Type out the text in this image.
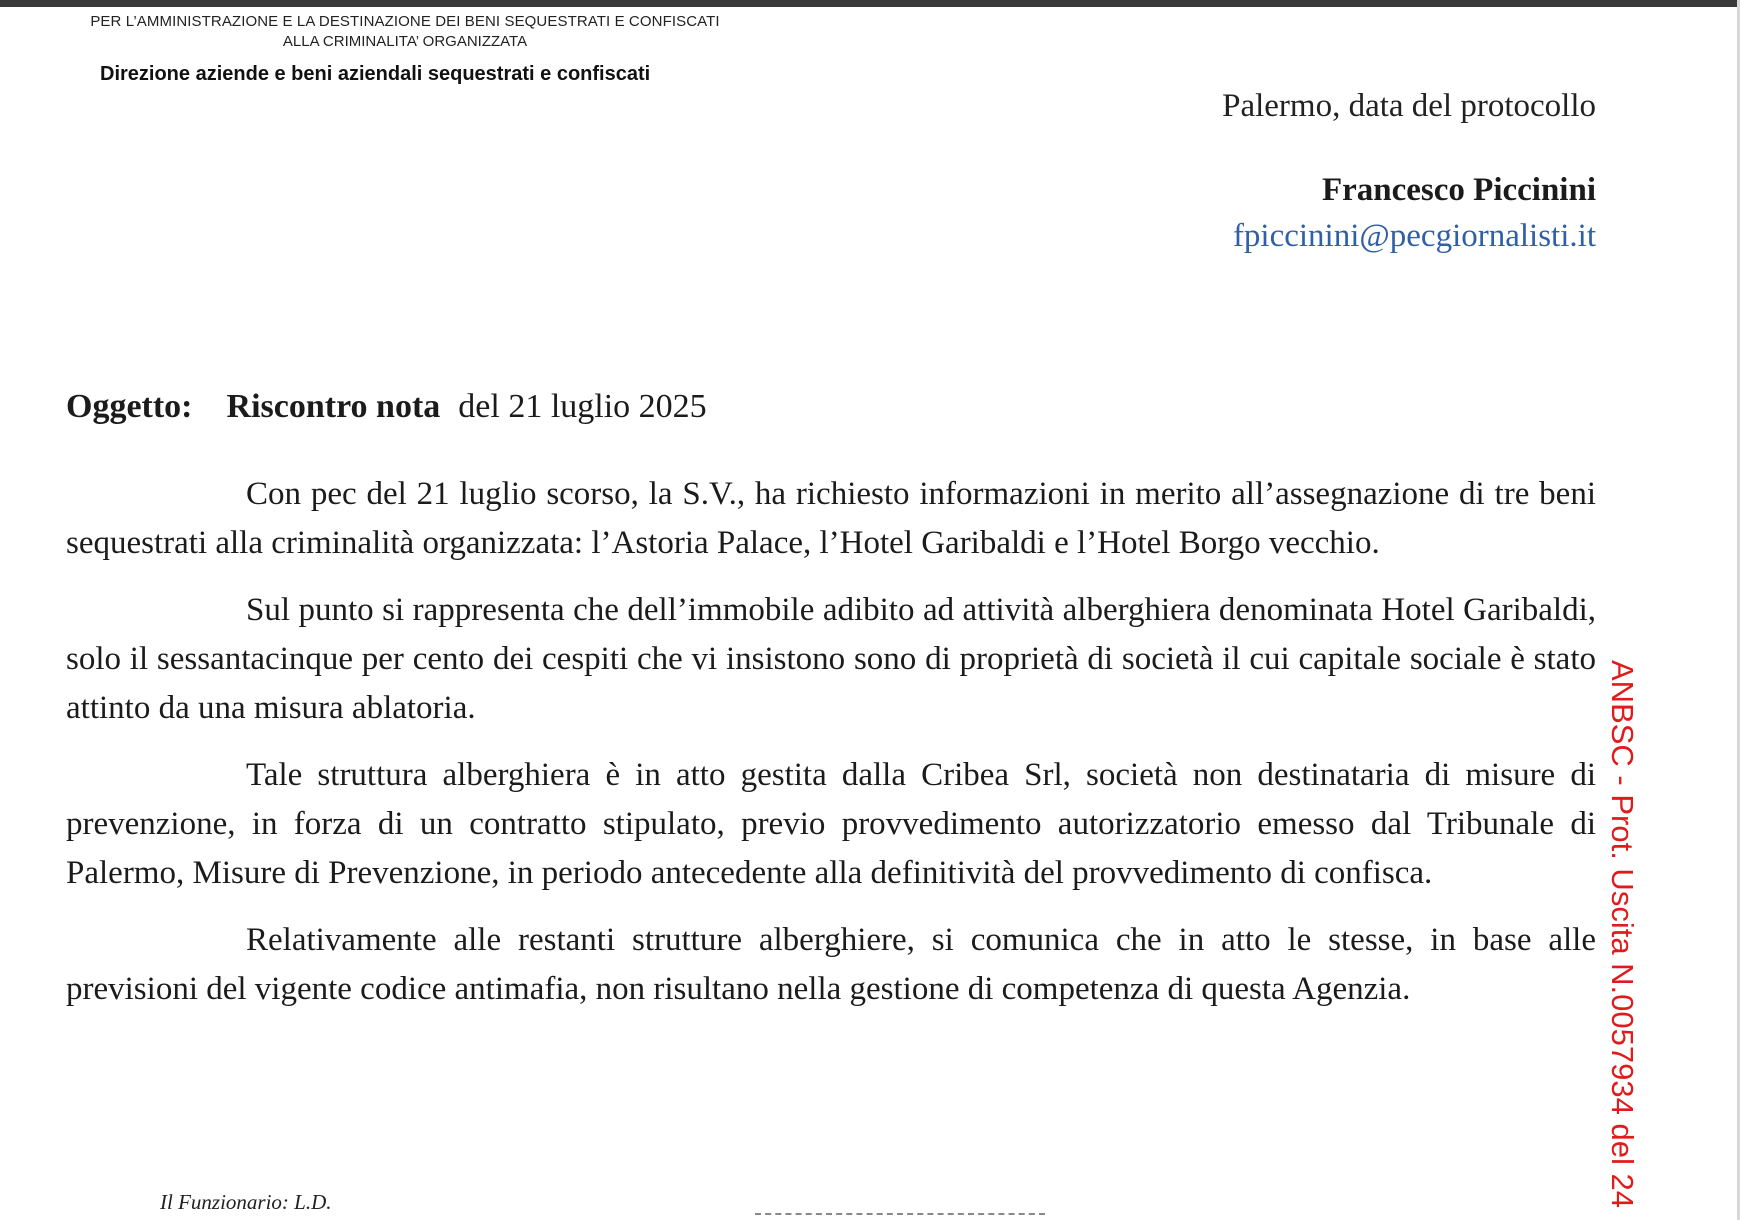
PER L’AMMINISTRAZIONE E LA DESTINAZIONE DEI BENI SEQUESTRATI E CONFISCATI
ALLA CRIMINALITA’ ORGANIZZATA
Direzione aziende e beni aziendali sequestrati e confiscati
Palermo, data del protocollo
Francesco Piccinini
fpiccinini@pecgiornalisti.it
Oggetto: Riscontro nota del 21 luglio 2025

Con pec del 21 luglio scorso, la S.V., ha richiesto informazioni in merito all’assegnazione di tre beni sequestrati alla criminalità organizzata: l’Astoria Palace, l’Hotel Garibaldi e l’Hotel Borgo vecchio.

Sul punto si rappresenta che dell’immobile adibito ad attività alberghiera denominata Hotel Garibaldi, solo il sessantacinque per cento dei cespiti che vi insistono sono di proprietà di società il cui capitale sociale è stato attinto da una misura ablatoria.

Tale struttura alberghiera è in atto gestita dalla Cribea Srl, società non destinataria di misure di prevenzione, in forza di un contratto stipulato, previo provvedimento autorizzatorio emesso dal Tribunale di Palermo, Misure di Prevenzione, in periodo antecedente alla definitività del provvedimento di confisca.

Relativamente alle restanti strutture alberghiere, si comunica che in atto le stesse, in base alle previsioni del vigente codice antimafia, non risultano nella gestione di competenza di questa Agenzia.

Il Funzionario: L.D.	ANBSC - Prot. Uscita N.0057934 del 24
